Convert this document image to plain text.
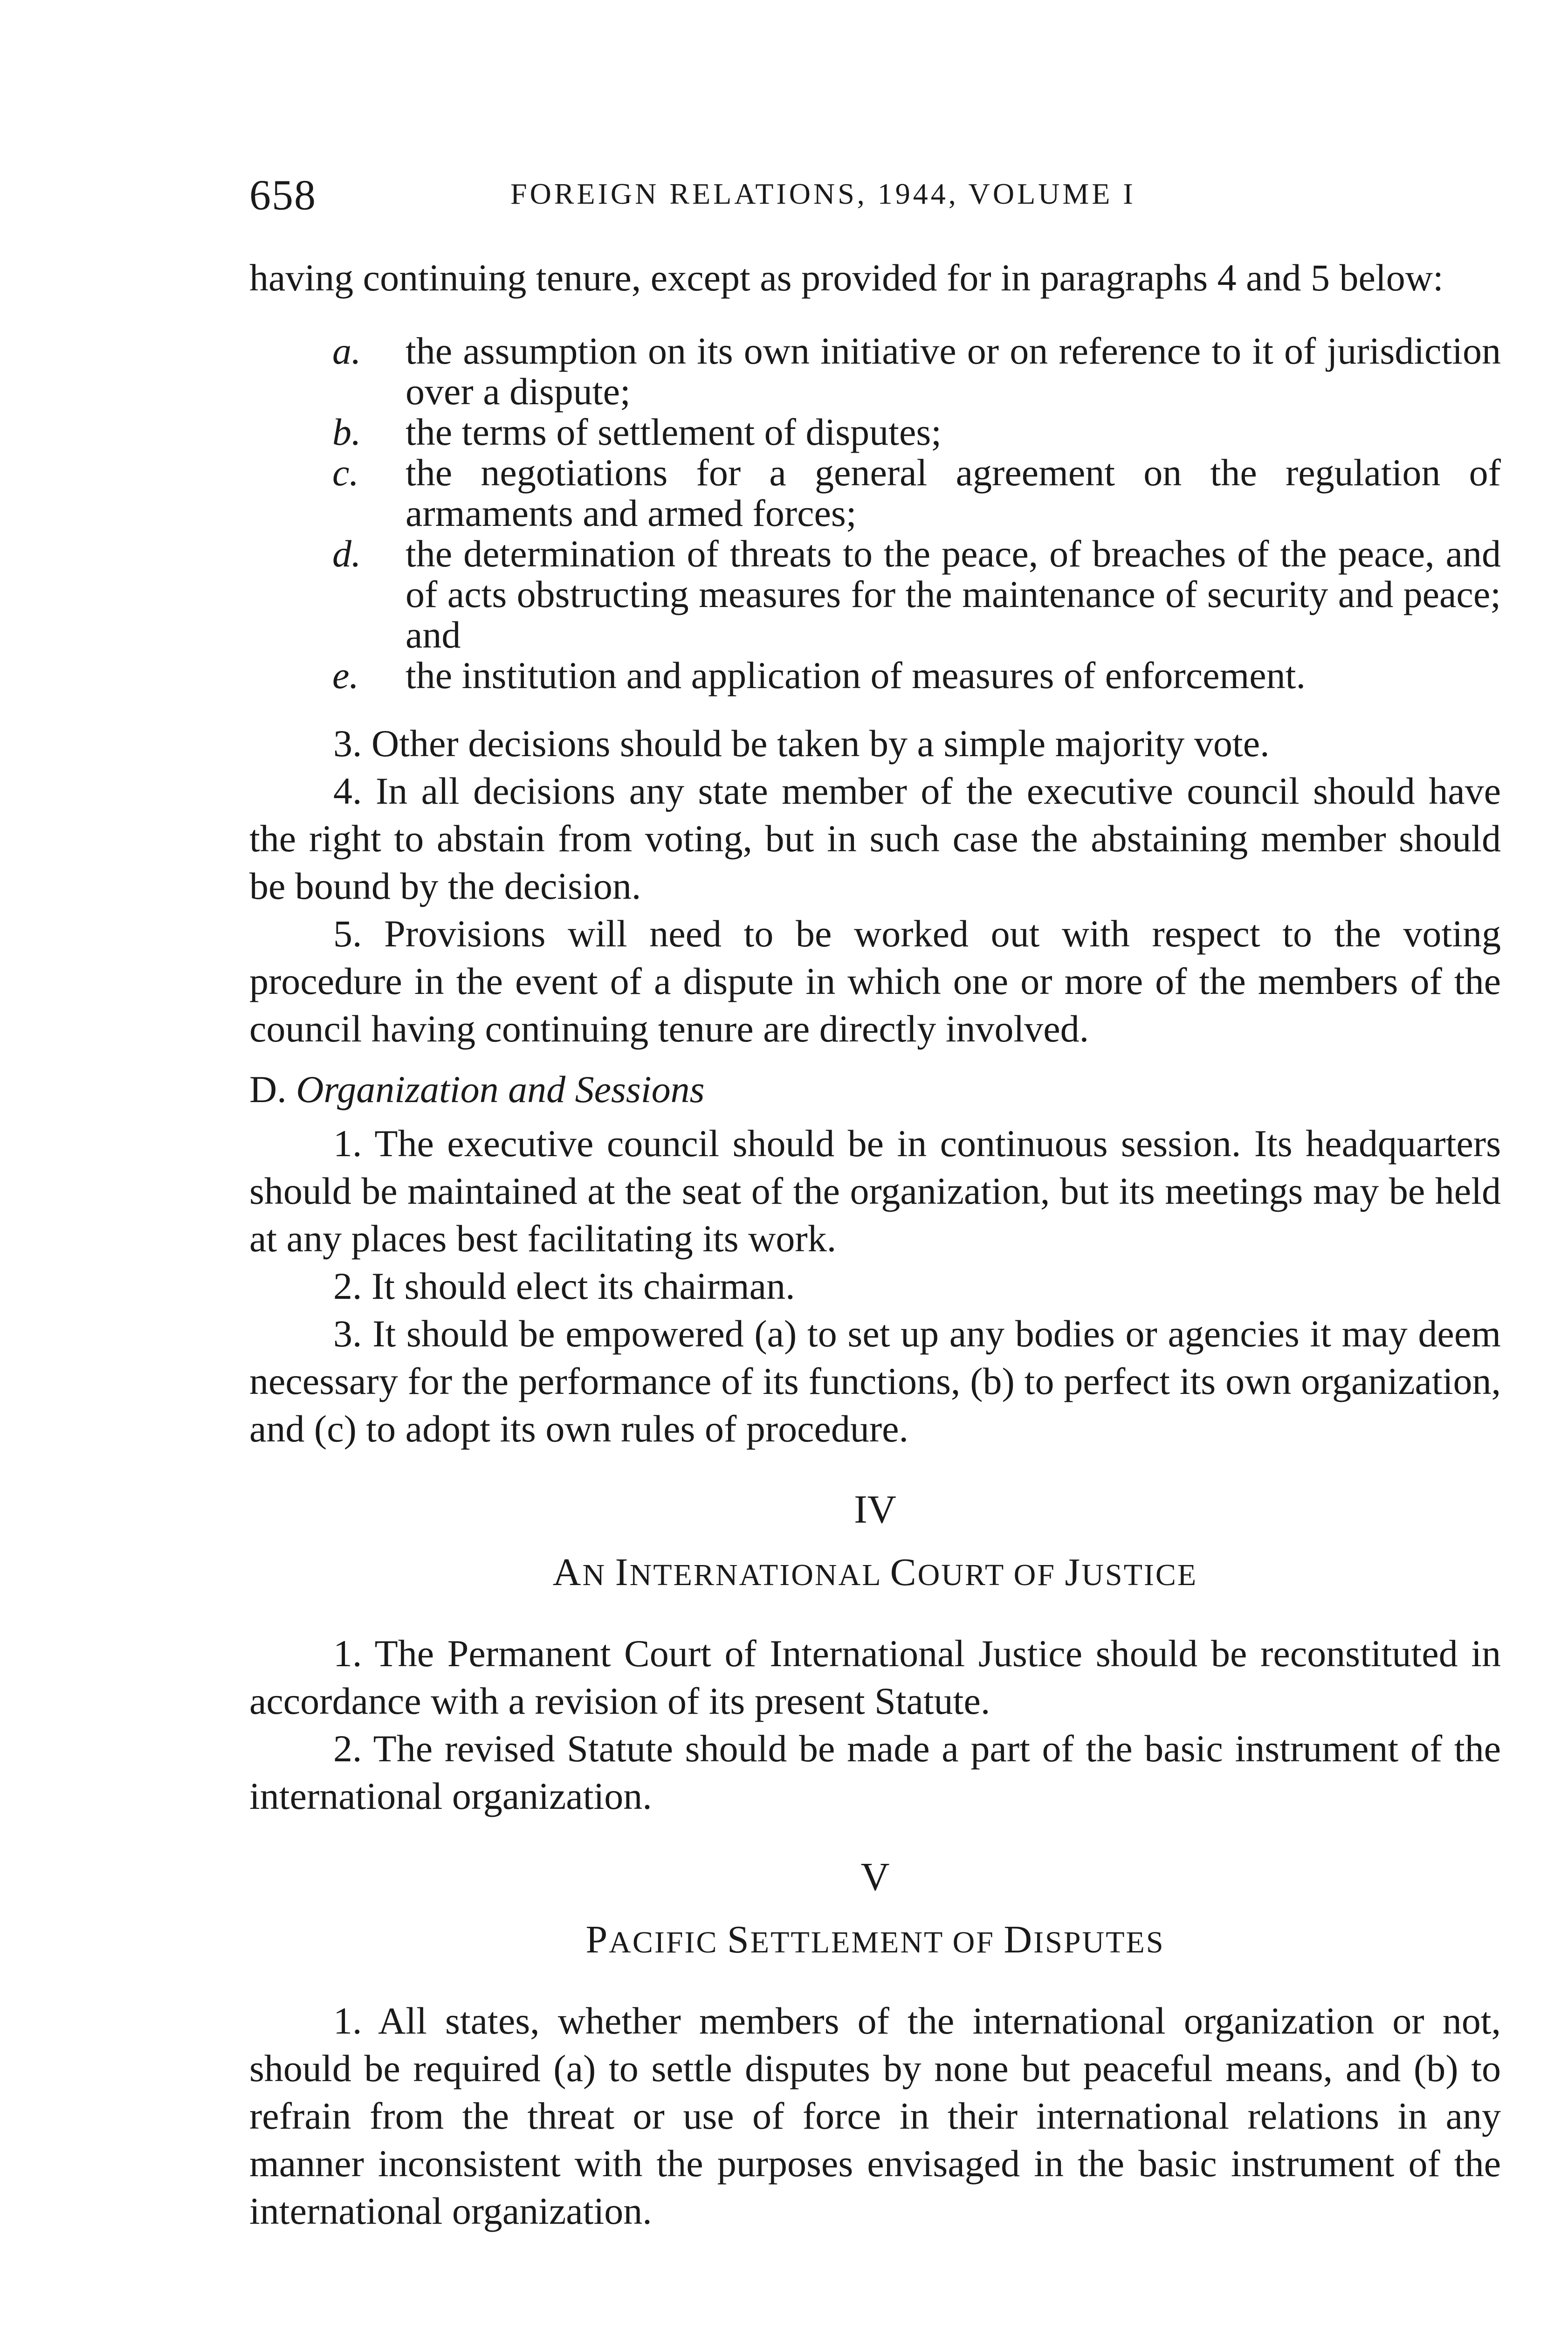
658	FOREIGN RELATIONS, 1944, VOLUME I

having continuing tenure, except as provided for in paragraphs 4 and 5 below:

a. the assumption on its own initiative or on reference to it of jurisdiction over a dispute;
b. the terms of settlement of disputes;
c. the negotiations for a general agreement on the regulation of armaments and armed forces;
d. the determination of threats to the peace, of breaches of the peace, and of acts obstructing measures for the maintenance of security and peace; and
e. the institution and application of measures of enforcement.

3. Other decisions should be taken by a simple majority vote.

4. In all decisions any state member of the executive council should have the right to abstain from voting, but in such case the abstaining member should be bound by the decision.

5. Provisions will need to be worked out with respect to the voting procedure in the event of a dispute in which one or more of the members of the council having continuing tenure are directly involved.

D. Organization and Sessions

1. The executive council should be in continuous session. Its headquarters should be maintained at the seat of the organization, but its meetings may be held at any places best facilitating its work.

2. It should elect its chairman.

3. It should be empowered (a) to set up any bodies or agencies it may deem necessary for the performance of its functions, (b) to perfect its own organization, and (c) to adopt its own rules of procedure.

IV

AN INTERNATIONAL COURT OF JUSTICE

1. The Permanent Court of International Justice should be reconstituted in accordance with a revision of its present Statute.

2. The revised Statute should be made a part of the basic instrument of the international organization.

V

PACIFIC SETTLEMENT OF DISPUTES

1. All states, whether members of the international organization or not, should be required (a) to settle disputes by none but peaceful means, and (b) to refrain from the threat or use of force in their international relations in any manner inconsistent with the purposes envisaged in the basic instrument of the international organization.
